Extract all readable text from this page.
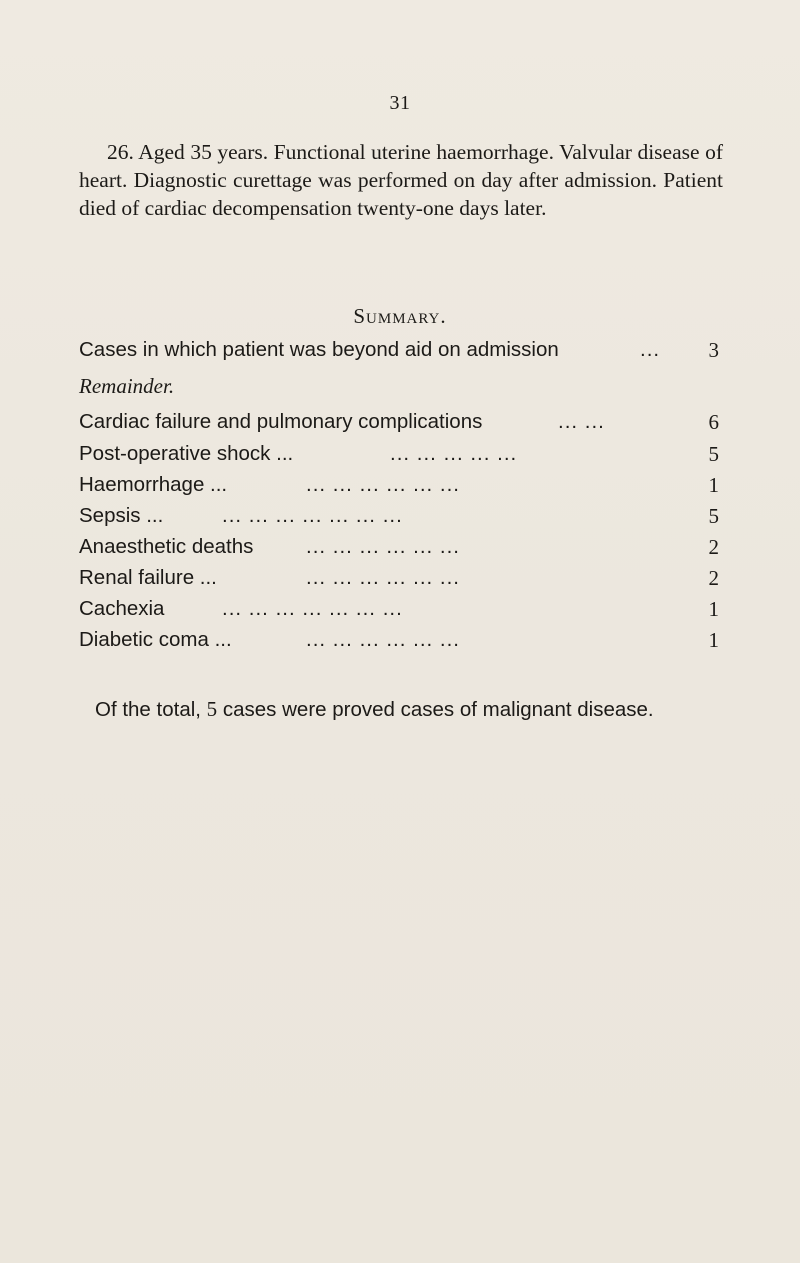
31

26. Aged 35 years. Functional uterine haemorrhage. Valvular disease of heart. Diagnostic curettage was performed on day after admission. Patient died of cardiac decompensation twenty-one days later.

Summary.
Cases in which patient was beyond aid on admission	... 3
Remainder.
Cardiac failure and pulmonary complications	... ...	6
Post-operative shock ...	... ... ... ... ...	5
Haemorrhage ...	... ... ... ... ... ...	1
Sepsis ...	... ... ... ... ... ... ...	5
Anaesthetic deaths	... ... ... ... ... ...	2
Renal failure ...	... ... ... ... ... ...	2
Cachexia	... ... ... ... ... ... ...	1
Diabetic coma ...	... ... ... ... ... ...	1
Of the total, 5 cases were proved cases of malignant disease.
